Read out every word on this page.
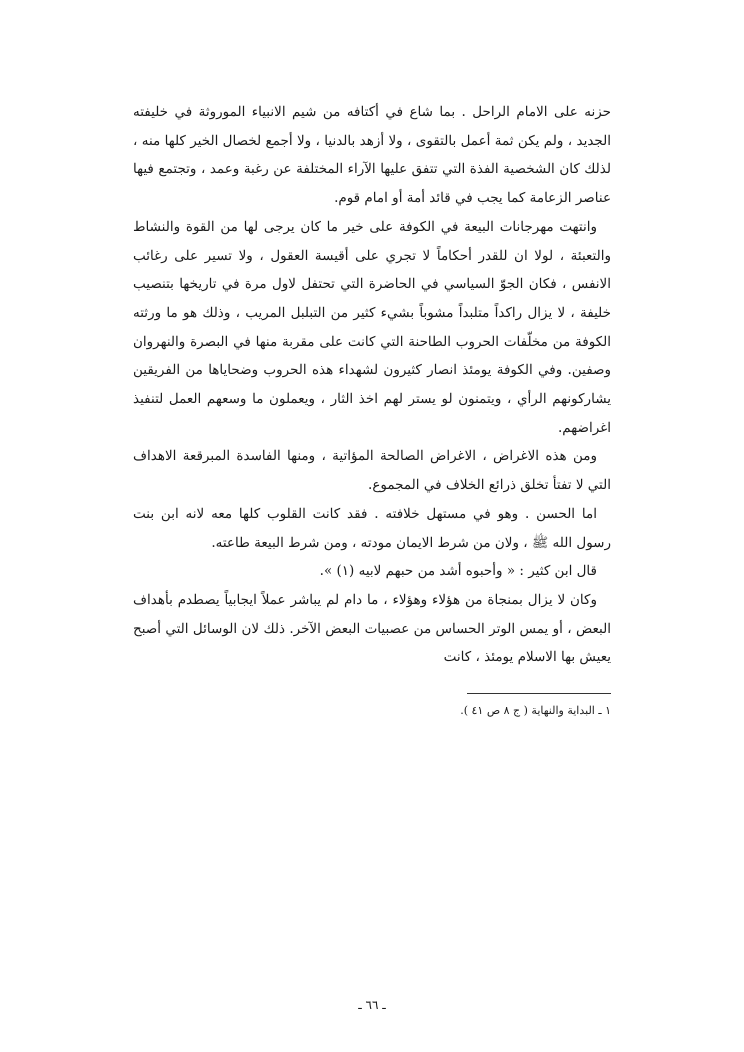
حزنه على الامام الراحل . بما شاع في أكتافه من شيم الانبياء الموروثة في خليفته الجديد ، ولم يكن ثمة أعمل بالتقوى ، ولا أزهد بالدنيا ، ولا أجمع لخصال الخير كلها منه ، لذلك كان الشخصية الفذة التي تتفق عليها الآراء المختلفة عن رغبة وعمد ، وتجتمع فيها عناصر الزعامة كما يجب في قائد أمة أو امام قوم.

وانتهت مهرجانات البيعة في الكوفة على خير ما كان يرجى لها من القوة والنشاط والتعبئة ، لولا ان للقدر أحكاماً لا تجري على أقيسة العقول ، ولا تسير على رغائب الانفس ، فكان الجوّ السياسي في الحاضرة التي تحتفل لاول مرة في تاريخها بتنصيب خليفة ، لا يزال راكداً متلبداً مشوباً بشيء كثير من التبلبل المريب ، وذلك هو ما ورثته الكوفة من مخلّفات الحروب الطاحنة التي كانت على مقربة منها في البصرة والنهروان وصفين. وفي الكوفة يومئذ انصار كثيرون لشهداء هذه الحروب وضحاياها من الفريقين يشاركونهم الرأي ، ويتمنون لو يستر لهم اخذ الثار ، ويعملون ما وسعهم العمل لتنفيذ اغراضهم.

ومن هذه الاغراض ، الاغراض الصالحة المؤاتية ، ومنها الفاسدة المبرقعة الاهداف التي لا تفتأ تخلق ذرائع الخلاف في المجموع.

اما الحسن . وهو في مستهل خلافته . فقد كانت القلوب كلها معه لانه ابن بنت رسول الله ﷺ ، ولان من شرط الايمان مودته ، ومن شرط البيعة طاعته.

قال ابن كثير : « وأحبوه أشد من حبهم لابيه (١) ».

وكان لا يزال بمنجاة من هؤلاء وهؤلاء ، ما دام لم يباشر عملاً ايجابياً يصطدم بأهداف البعض ، أو يمس الوتر الحساس من عصبيات البعض الآخر. ذلك لان الوسائل التي أصبح يعيش بها الاسلام يومئذ ، كانت

١ ـ البداية والنهاية ( ج ٨ ص ٤١ ).
ـ ٦٦ ـ
